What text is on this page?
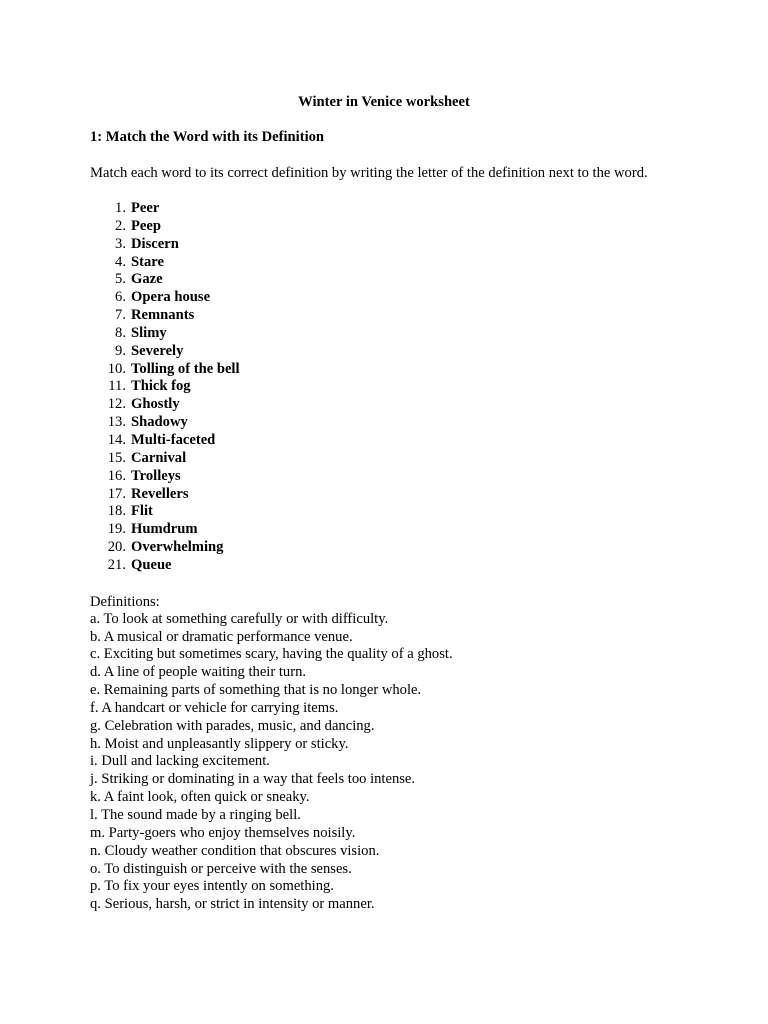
Winter in Venice worksheet
1: Match the Word with its Definition
Match each word to its correct definition by writing the letter of the definition next to the word.
1. Peer
2. Peep
3. Discern
4. Stare
5. Gaze
6. Opera house
7. Remnants
8. Slimy
9. Severely
10. Tolling of the bell
11. Thick fog
12. Ghostly
13. Shadowy
14. Multi-faceted
15. Carnival
16. Trolleys
17. Revellers
18. Flit
19. Humdrum
20. Overwhelming
21. Queue
Definitions:
a. To look at something carefully or with difficulty.
b. A musical or dramatic performance venue.
c. Exciting but sometimes scary, having the quality of a ghost.
d. A line of people waiting their turn.
e. Remaining parts of something that is no longer whole.
f. A handcart or vehicle for carrying items.
g. Celebration with parades, music, and dancing.
h. Moist and unpleasantly slippery or sticky.
i. Dull and lacking excitement.
j. Striking or dominating in a way that feels too intense.
k. A faint look, often quick or sneaky.
l. The sound made by a ringing bell.
m. Party-goers who enjoy themselves noisily.
n. Cloudy weather condition that obscures vision.
o. To distinguish or perceive with the senses.
p. To fix your eyes intently on something.
q. Serious, harsh, or strict in intensity or manner.
